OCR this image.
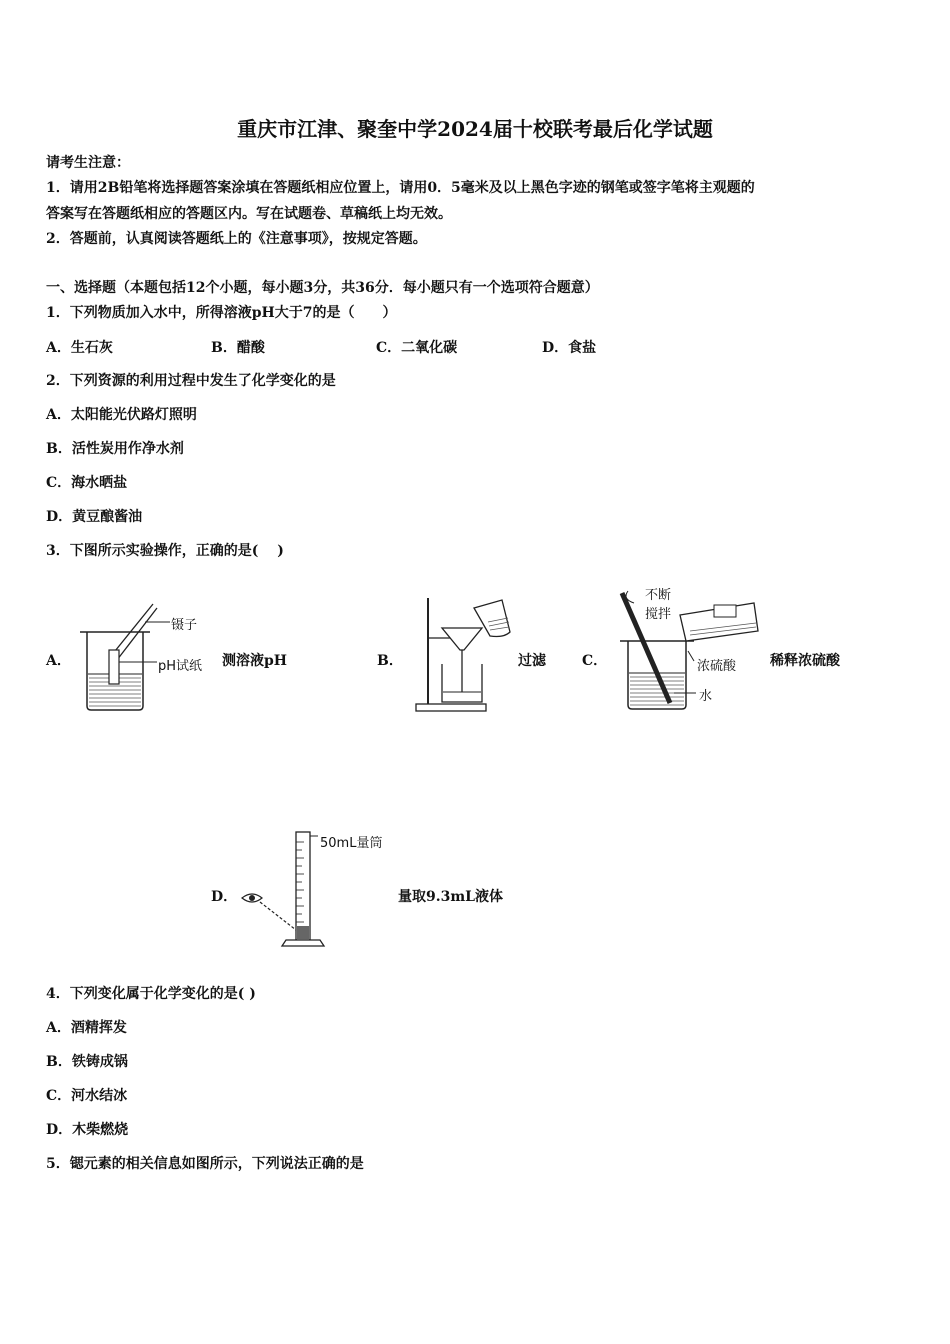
重庆市江津、聚奎中学2024届十校联考最后化学试题
请考生注意：
1．请用2B铅笔将选择题答案涂填在答题纸相应位置上，请用0．5毫米及以上黑色字迹的钢笔或签字笔将主观题的
答案写在答题纸相应的答题区内。写在试题卷、草稿纸上均无效。
2．答题前，认真阅读答题纸上的《注意事项》，按规定答题。
一、选择题（本题包括12个小题，每小题3分，共36分．每小题只有一个选项符合题意）
1．下列物质加入水中，所得溶液pH大于7的是（　　）
A．生石灰	B．醋酸	C．二氧化碳	D．食盐
2．下列资源的利用过程中发生了化学变化的是
A．太阳能光伏路灯照明
B．活性炭用作净水剂
C．海水晒盐
D．黄豆酿酱油
3．下图所示实验操作，正确的是(　 )
A．
镊子
pH试纸 测溶液pH	B．	过滤	C．
不断
搅拌
浓硫酸
水
稀释浓硫酸
D．
50mL量筒
量取9.3mL液体
4．下列变化属于化学变化的是( )
A．酒精挥发
B．铁铸成锅
C．河水结冰
D．木柴燃烧
5．锶元素的相关信息如图所示，下列说法正确的是
